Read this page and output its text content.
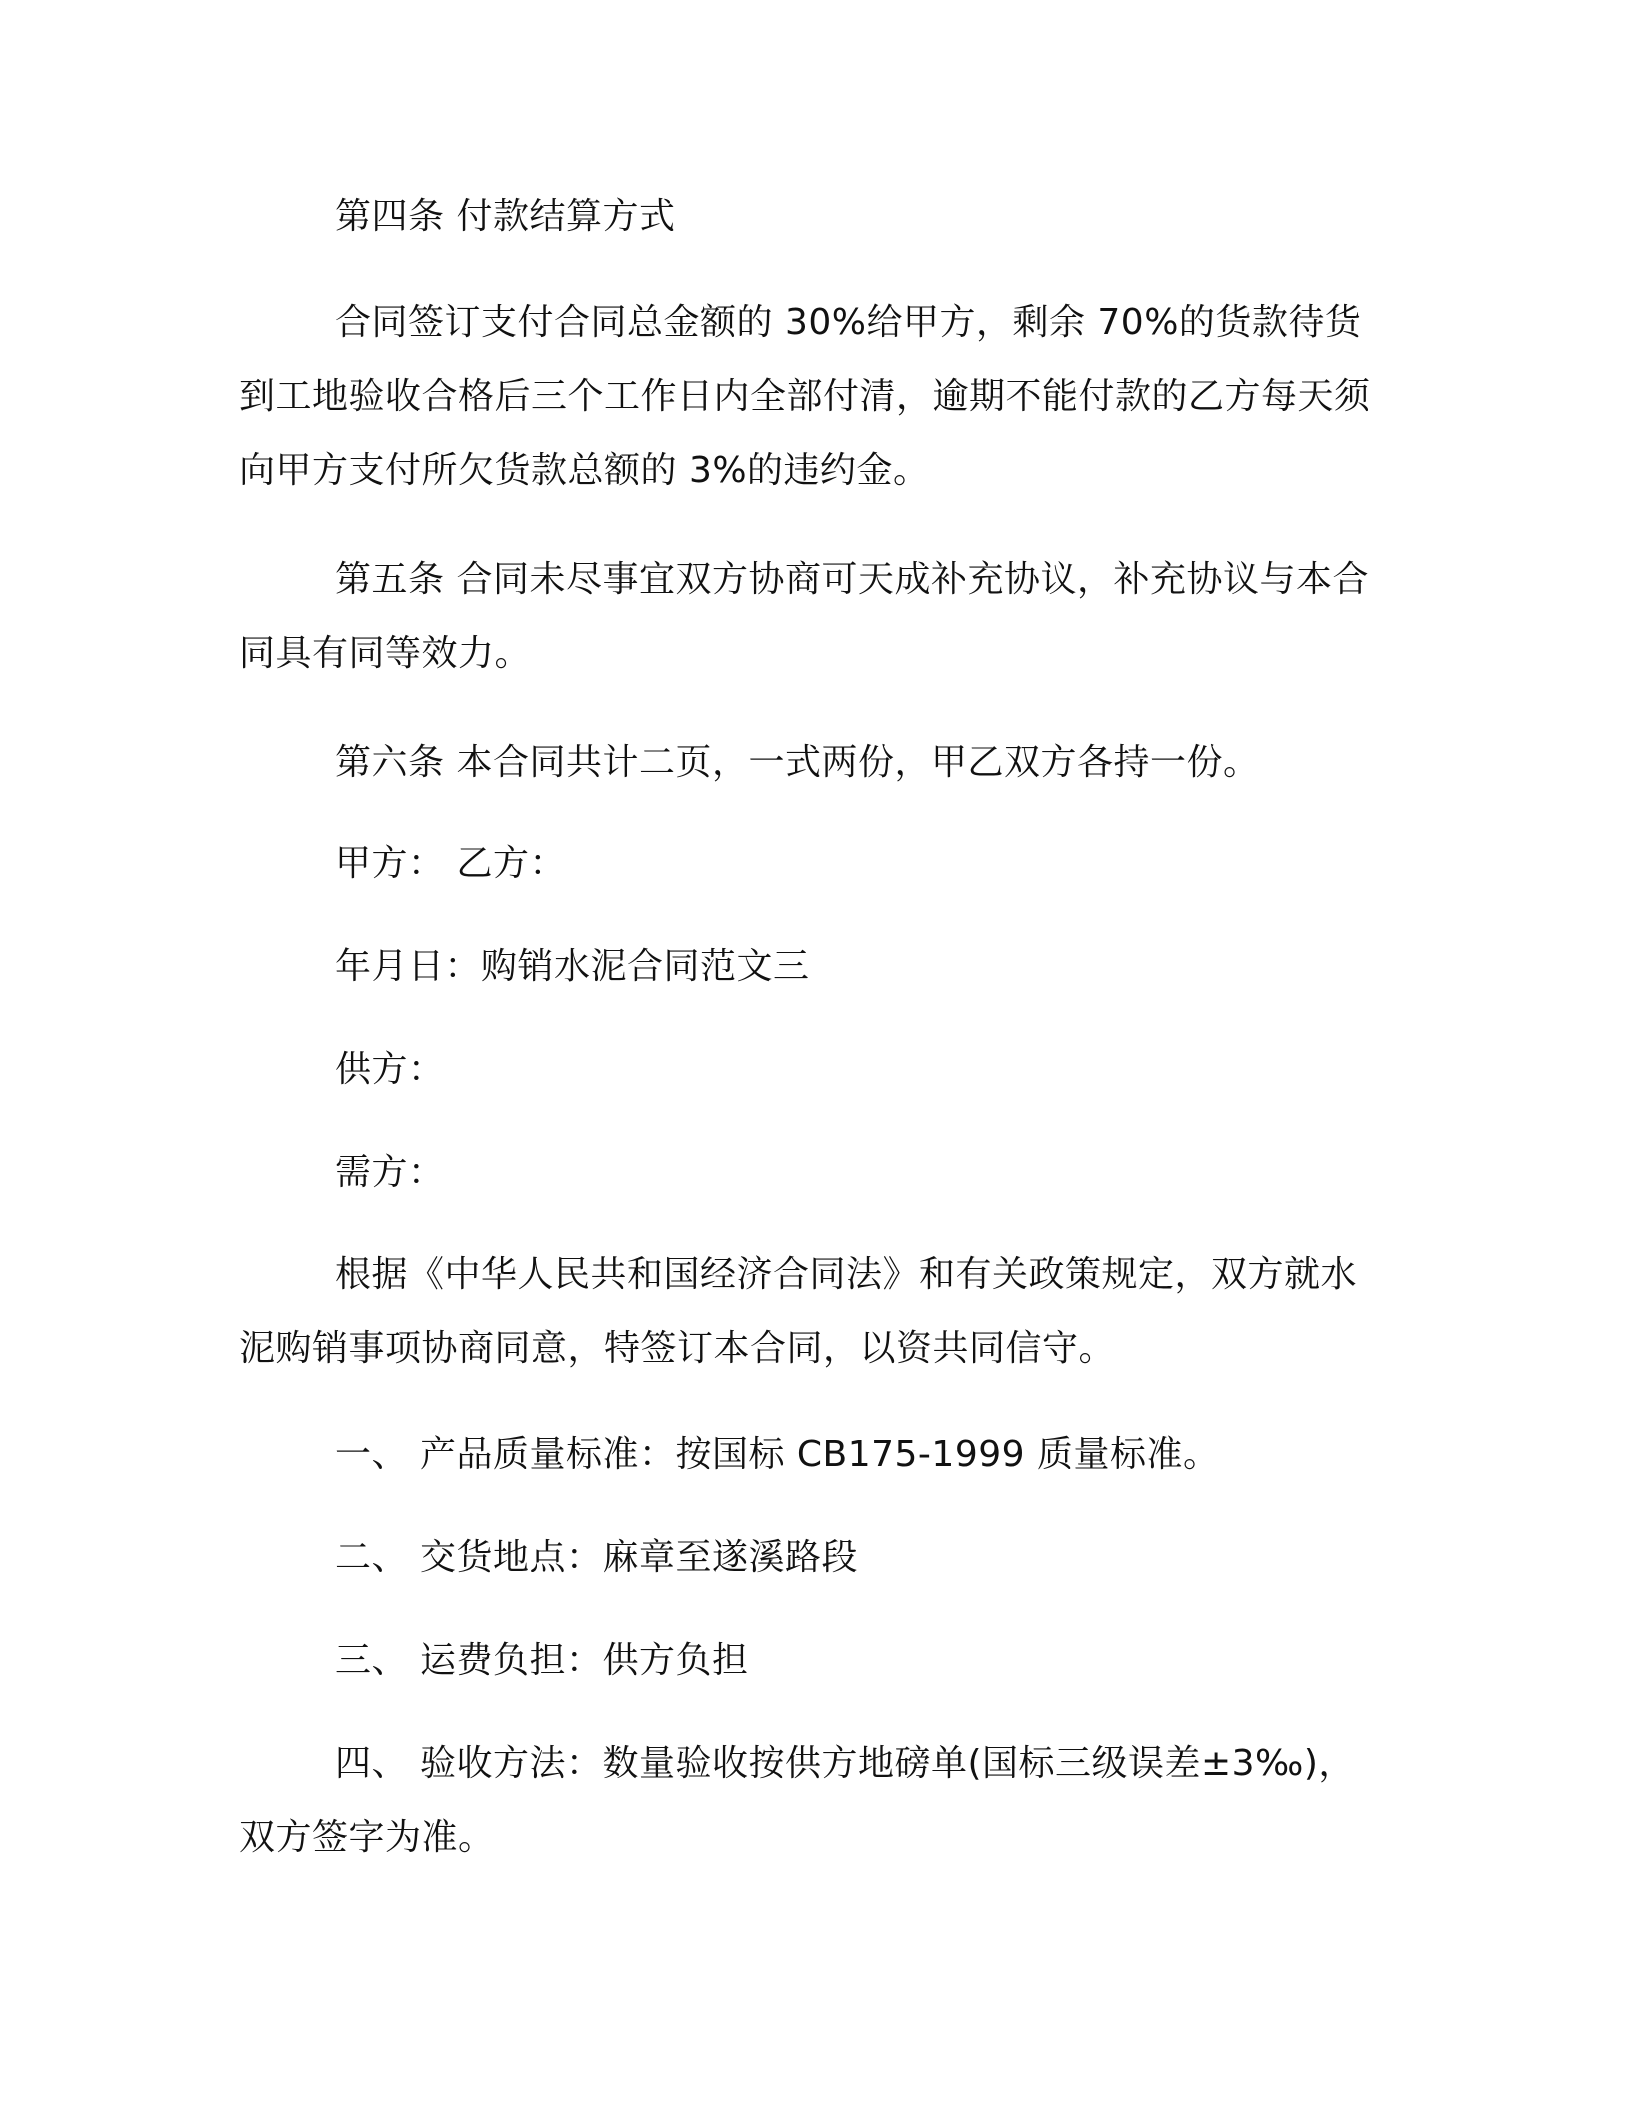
第四条 付款结算方式

合同签订支付合同总金额的 30%给甲方，剩余 70%的货款待货到工地验收合格后三个工作日内全部付清，逾期不能付款的乙方每天须向甲方支付所欠货款总额的 3%的违约金。

第五条 合同未尽事宜双方协商可天成补充协议，补充协议与本合同具有同等效力。

第六条 本合同共计二页，一式两份，甲乙双方各持一份。

甲方： 乙方：

年月日：购销水泥合同范文三

供方：

需方：

根据《中华人民共和国经济合同法》和有关政策规定，双方就水泥购销事项协商同意，特签订本合同，以资共同信守。

一、 产品质量标准：按国标 CB175-1999 质量标准。

二、 交货地点：麻章至遂溪路段

三、 运费负担：供方负担

四、 验收方法：数量验收按供方地磅单(国标三级误差±3‰)，双方签字为准。
